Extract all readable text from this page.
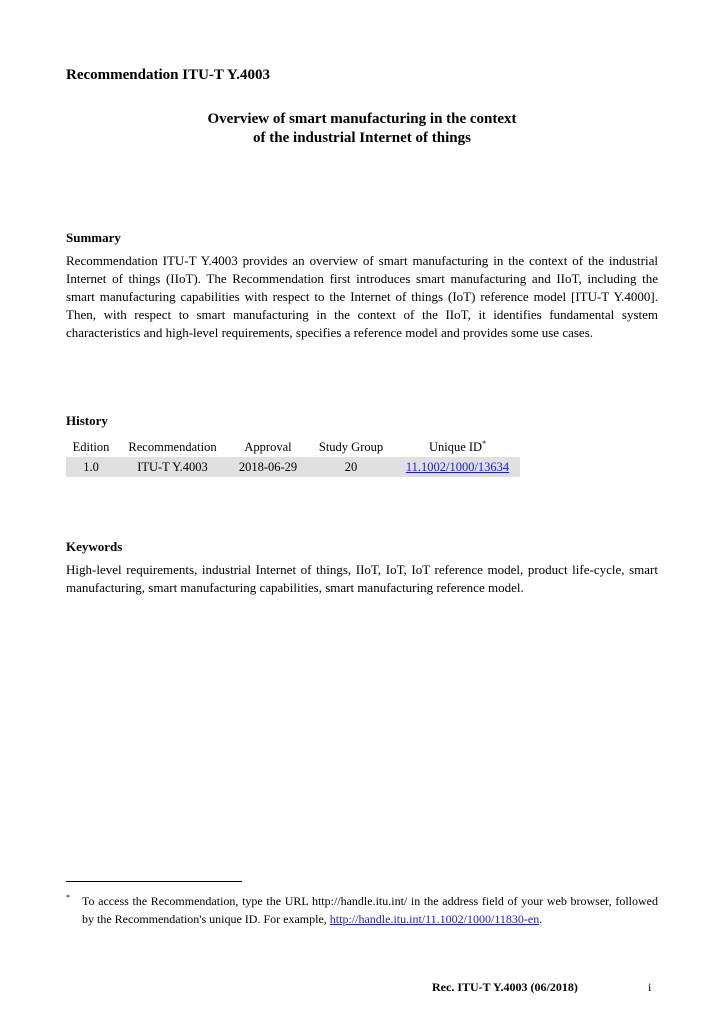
Recommendation ITU-T Y.4003
Overview of smart manufacturing in the context
of the industrial Internet of things
Summary
Recommendation ITU-T Y.4003 provides an overview of smart manufacturing in the context of the industrial Internet of things (IIoT). The Recommendation first introduces smart manufacturing and IIoT, including the smart manufacturing capabilities with respect to the Internet of things (IoT) reference model [ITU-T Y.4000]. Then, with respect to smart manufacturing in the context of the IIoT, it identifies fundamental system characteristics and high-level requirements, specifies a reference model and provides some use cases.
History
Edition	Recommendation	Approval	Study Group	Unique ID*
1.0	ITU-T Y.4003	2018-06-29	20	11.1002/1000/13634
Keywords
High-level requirements, industrial Internet of things, IIoT, IoT, IoT reference model, product life-cycle, smart manufacturing, smart manufacturing capabilities, smart manufacturing reference model.
* To access the Recommendation, type the URL http://handle.itu.int/ in the address field of your web browser, followed by the Recommendation's unique ID. For example, http://handle.itu.int/11.1002/1000/11830-en.
Rec. ITU-T Y.4003 (06/2018)	i
